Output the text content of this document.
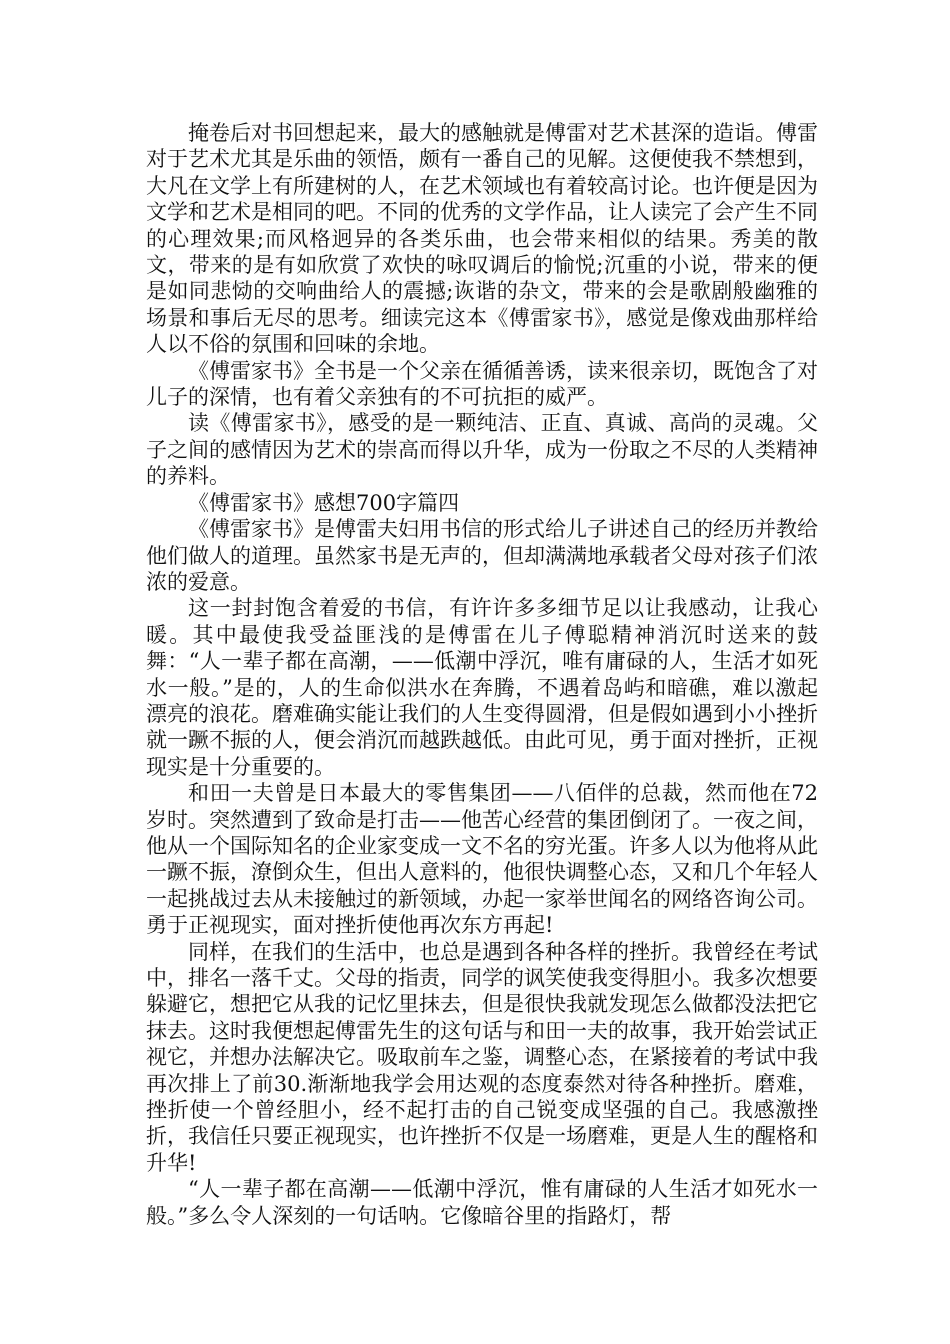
掩卷后对书回想起来，最大的感触就是傅雷对艺术甚深的造诣。傅雷对于艺术尤其是乐曲的领悟，颇有一番自己的见解。这便使我不禁想到，大凡在文学上有所建树的人，在艺术领域也有着较高讨论。也许便是因为文学和艺术是相同的吧。不同的优秀的文学作品，让人读完了会产生不同的心理效果;而风格迥异的各类乐曲，也会带来相似的结果。秀美的散文，带来的是有如欣赏了欢快的咏叹调后的愉悦;沉重的小说，带来的便是如同悲恸的交响曲给人的震撼;诙谐的杂文，带来的会是歌剧般幽雅的场景和事后无尽的思考。细读完这本《傅雷家书》，感觉是像戏曲那样给人以不俗的氛围和回味的余地。

《傅雷家书》全书是一个父亲在循循善诱，读来很亲切，既饱含了对儿子的深情，也有着父亲独有的不可抗拒的威严。

读《傅雷家书》，感受的是一颗纯洁、正直、真诚、高尚的灵魂。父子之间的感情因为艺术的崇高而得以升华，成为一份取之不尽的人类精神的养料。

《傅雷家书》感想700字篇四

《傅雷家书》是傅雷夫妇用书信的形式给儿子讲述自己的经历并教给他们做人的道理。虽然家书是无声的，但却满满地承载者父母对孩子们浓浓的爱意。

这一封封饱含着爱的书信，有许许多多细节足以让我感动，让我心暖。其中最使我受益匪浅的是傅雷在儿子傅聪精神消沉时送来的鼓舞：“人一辈子都在高潮，——低潮中浮沉，唯有庸碌的人，生活才如死水一般。”是的，人的生命似洪水在奔腾，不遇着岛屿和暗礁，难以激起漂亮的浪花。磨难确实能让我们的人生变得圆滑，但是假如遇到小小挫折就一蹶不振的人，便会消沉而越跌越低。由此可见，勇于面对挫折，正视现实是十分重要的。

和田一夫曾是日本最大的零售集团——八佰伴的总裁，然而他在72岁时。突然遭到了致命是打击——他苦心经营的集团倒闭了。一夜之间，他从一个国际知名的企业家变成一文不名的穷光蛋。许多人以为他将从此一蹶不振，潦倒众生，但出人意料的，他很快调整心态，又和几个年轻人一起挑战过去从未接触过的新领域，办起一家举世闻名的网络咨询公司。勇于正视现实，面对挫折使他再次东方再起!

同样，在我们的生活中，也总是遇到各种各样的挫折。我曾经在考试中，排名一落千丈。父母的指责，同学的讽笑使我变得胆小。我多次想要躲避它，想把它从我的记忆里抹去，但是很快我就发现怎么做都没法把它抹去。这时我便想起傅雷先生的这句话与和田一夫的故事，我开始尝试正视它，并想办法解决它。吸取前车之鉴，调整心态，在紧接着的考试中我再次排上了前30.渐渐地我学会用达观的态度泰然对待各种挫折。磨难，挫折使一个曾经胆小，经不起打击的自己锐变成坚强的自己。我感激挫折，我信任只要正视现实，也许挫折不仅是一场磨难，更是人生的醒格和升华!

“人一辈子都在高潮——低潮中浮沉，惟有庸碌的人生活才如死水一般。”多么令人深刻的一句话呐。它像暗谷里的指路灯，帮
